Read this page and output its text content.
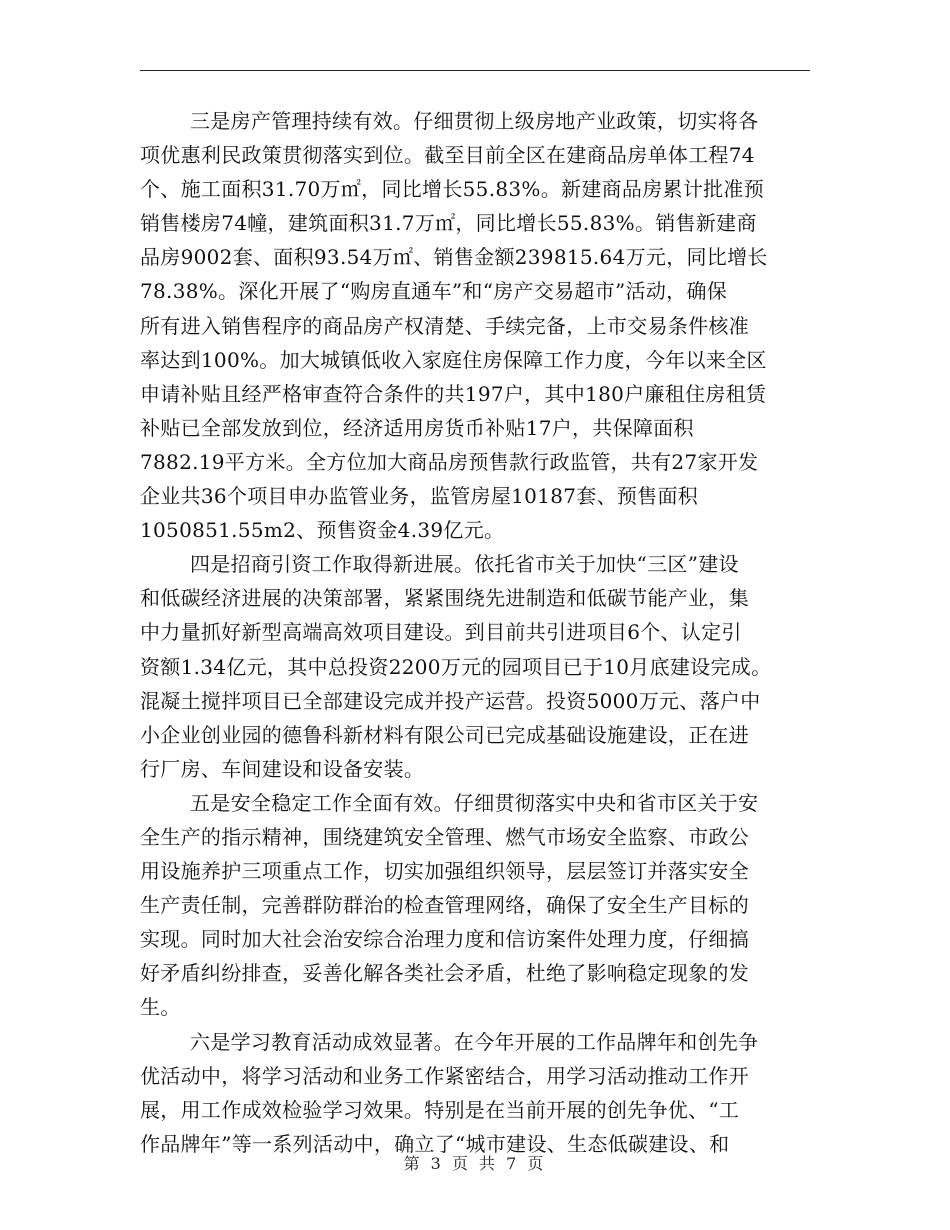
三是房产管理持续有效。仔细贯彻上级房地产业政策，切实将各
项优惠利民政策贯彻落实到位。截至目前全区在建商品房单体工程74
个、施工面积31.70万㎡，同比增长55.83%。新建商品房累计批准预
销售楼房74幢，建筑面积31.7万㎡，同比增长55.83%。销售新建商
品房9002套、面积93.54万㎡、销售金额239815.64万元，同比增长
78.38%。深化开展了“购房直通车”和“房产交易超市”活动，确保
所有进入销售程序的商品房产权清楚、手续完备，上市交易条件核准
率达到100%。加大城镇低收入家庭住房保障工作力度，今年以来全区
申请补贴且经严格审查符合条件的共197户，其中180户廉租住房租赁
补贴已全部发放到位，经济适用房货币补贴17户，共保障面积
7882.19平方米。全方位加大商品房预售款行政监管，共有27家开发
企业共36个项目申办监管业务，监管房屋10187套、预售面积
1050851.55m2、预售资金4.39亿元。
四是招商引资工作取得新进展。依托省市关于加快“三区”建设
和低碳经济进展的决策部署，紧紧围绕先进制造和低碳节能产业，集
中力量抓好新型高端高效项目建设。到目前共引进项目6个、认定引
资额1.34亿元，其中总投资2200万元的园项目已于10月底建设完成。
混凝土搅拌项目已全部建设完成并投产运营。投资5000万元、落户中
小企业创业园的德鲁科新材料有限公司已完成基础设施建设，正在进
行厂房、车间建设和设备安装。
五是安全稳定工作全面有效。仔细贯彻落实中央和省市区关于安
全生产的指示精神，围绕建筑安全管理、燃气市场安全监察、市政公
用设施养护三项重点工作，切实加强组织领导，层层签订并落实安全
生产责任制，完善群防群治的检查管理网络，确保了安全生产目标的
实现。同时加大社会治安综合治理力度和信访案件处理力度，仔细搞
好矛盾纠纷排查，妥善化解各类社会矛盾，杜绝了影响稳定现象的发
生。
六是学习教育活动成效显著。在今年开展的工作品牌年和创先争
优活动中，将学习活动和业务工作紧密结合，用学习活动推动工作开
展，用工作成效检验学习效果。特别是在当前开展的创先争优、“工
作品牌年”等一系列活动中，确立了“城市建设、生态低碳建设、和
第 3 页 共 7 页
